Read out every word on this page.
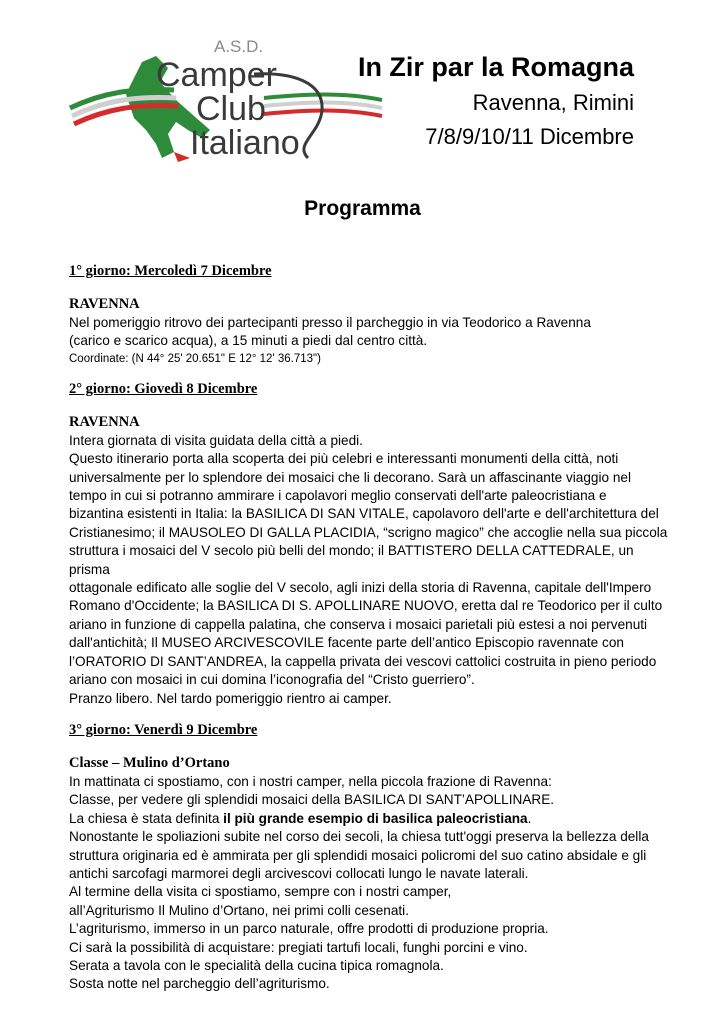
A.S.D.
Camper
Club
Italiano
In Zir par la Romagna
Ravenna, Rimini
7/8/9/10/11 Dicembre
Programma
1° giorno: Mercoledì 7 Dicembre
RAVENNA
Nel pomeriggio ritrovo dei partecipanti presso il parcheggio in via Teodorico a Ravenna
(carico e scarico acqua), a 15 minuti a piedi dal centro città.
Coordinate: (N 44° 25' 20.651" E 12° 12' 36.713")
2° giorno: Giovedì 8 Dicembre
RAVENNA
Intera giornata di visita guidata della città a piedi.
Questo itinerario porta alla scoperta dei più celebri e interessanti monumenti della città, noti
universalmente per lo splendore dei mosaici che li decorano. Sarà un affascinante viaggio nel
tempo in cui si potranno ammirare i capolavori meglio conservati dell'arte paleocristiana e
bizantina esistenti in Italia: la BASILICA DI SAN VITALE, capolavoro dell'arte e dell'architettura del
Cristianesimo; il MAUSOLEO DI GALLA PLACIDIA, “scrigno magico” che accoglie nella sua piccola
struttura i mosaici del V secolo più belli del mondo; il BATTISTERO DELLA CATTEDRALE, un prisma
ottagonale edificato alle soglie del V secolo, agli inizi della storia di Ravenna, capitale dell'Impero
Romano d'Occidente; la BASILICA DI S. APOLLINARE NUOVO, eretta dal re Teodorico per il culto
ariano in funzione di cappella palatina, che conserva i mosaici parietali più estesi a noi pervenuti
dall'antichità; Il MUSEO ARCIVESCOVILE facente parte dell’antico Episcopio ravennate con
l’ORATORIO DI SANT’ANDREA, la cappella privata dei vescovi cattolici costruita in pieno periodo
ariano con mosaici in cui domina l’iconografia del “Cristo guerriero”.
Pranzo libero. Nel tardo pomeriggio rientro ai camper.
3° giorno: Venerdì 9 Dicembre
Classe – Mulino d’Ortano
In mattinata ci spostiamo, con i nostri camper, nella piccola frazione di Ravenna:
Classe, per vedere gli splendidi mosaici della BASILICA DI SANT’APOLLINARE.
La chiesa è stata definita il più grande esempio di basilica paleocristiana.
Nonostante le spoliazioni subite nel corso dei secoli, la chiesa tutt'oggi preserva la bellezza della
struttura originaria ed è ammirata per gli splendidi mosaici policromi del suo catino absidale e gli
antichi sarcofagi marmorei degli arcivescovi collocati lungo le navate laterali.
Al termine della visita ci spostiamo, sempre con i nostri camper,
all’Agriturismo Il Mulino d’Ortano, nei primi colli cesenati.
L’agriturismo, immerso in un parco naturale, offre prodotti di produzione propria.
Ci sarà la possibilità di acquistare: pregiati tartufi locali, funghi porcini e vino.
Serata a tavola con le specialità della cucina tipica romagnola.
Sosta notte nel parcheggio dell’agriturismo.
